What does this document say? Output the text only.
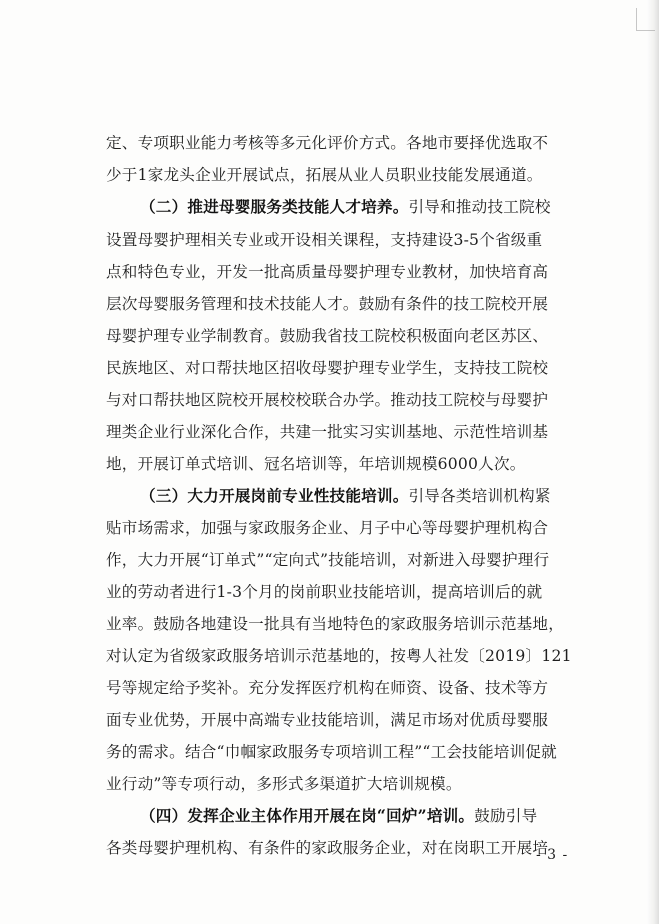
定、专项职业能力考核等多元化评价方式。各地市要择优选取不
少于1家龙头企业开展试点，拓展从业人员职业技能发展通道。
（二）推进母婴服务类技能人才培养。引导和推动技工院校
设置母婴护理相关专业或开设相关课程，支持建设3-5个省级重
点和特色专业，开发一批高质量母婴护理专业教材，加快培育高
层次母婴服务管理和技术技能人才。鼓励有条件的技工院校开展
母婴护理专业学制教育。鼓励我省技工院校积极面向老区苏区、
民族地区、对口帮扶地区招收母婴护理专业学生，支持技工院校
与对口帮扶地区院校开展校校联合办学。推动技工院校与母婴护
理类企业行业深化合作，共建一批实习实训基地、示范性培训基
地，开展订单式培训、冠名培训等，年培训规模6000人次。
（三）大力开展岗前专业性技能培训。引导各类培训机构紧
贴市场需求，加强与家政服务企业、月子中心等母婴护理机构合
作，大力开展“订单式”“定向式”技能培训，对新进入母婴护理行
业的劳动者进行1-3个月的岗前职业技能培训，提高培训后的就
业率。鼓励各地建设一批具有当地特色的家政服务培训示范基地，
对认定为省级家政服务培训示范基地的，按粤人社发〔2019〕121
号等规定给予奖补。充分发挥医疗机构在师资、设备、技术等方
面专业优势，开展中高端专业技能培训，满足市场对优质母婴服
务的需求。结合“巾帼家政服务专项培训工程”“工会技能培训促就
业行动”等专项行动，多形式多渠道扩大培训规模。
（四）发挥企业主体作用开展在岗“回炉”培训。鼓励引导
各类母婴护理机构、有条件的家政服务企业，对在岗职工开展培
- 3 -
